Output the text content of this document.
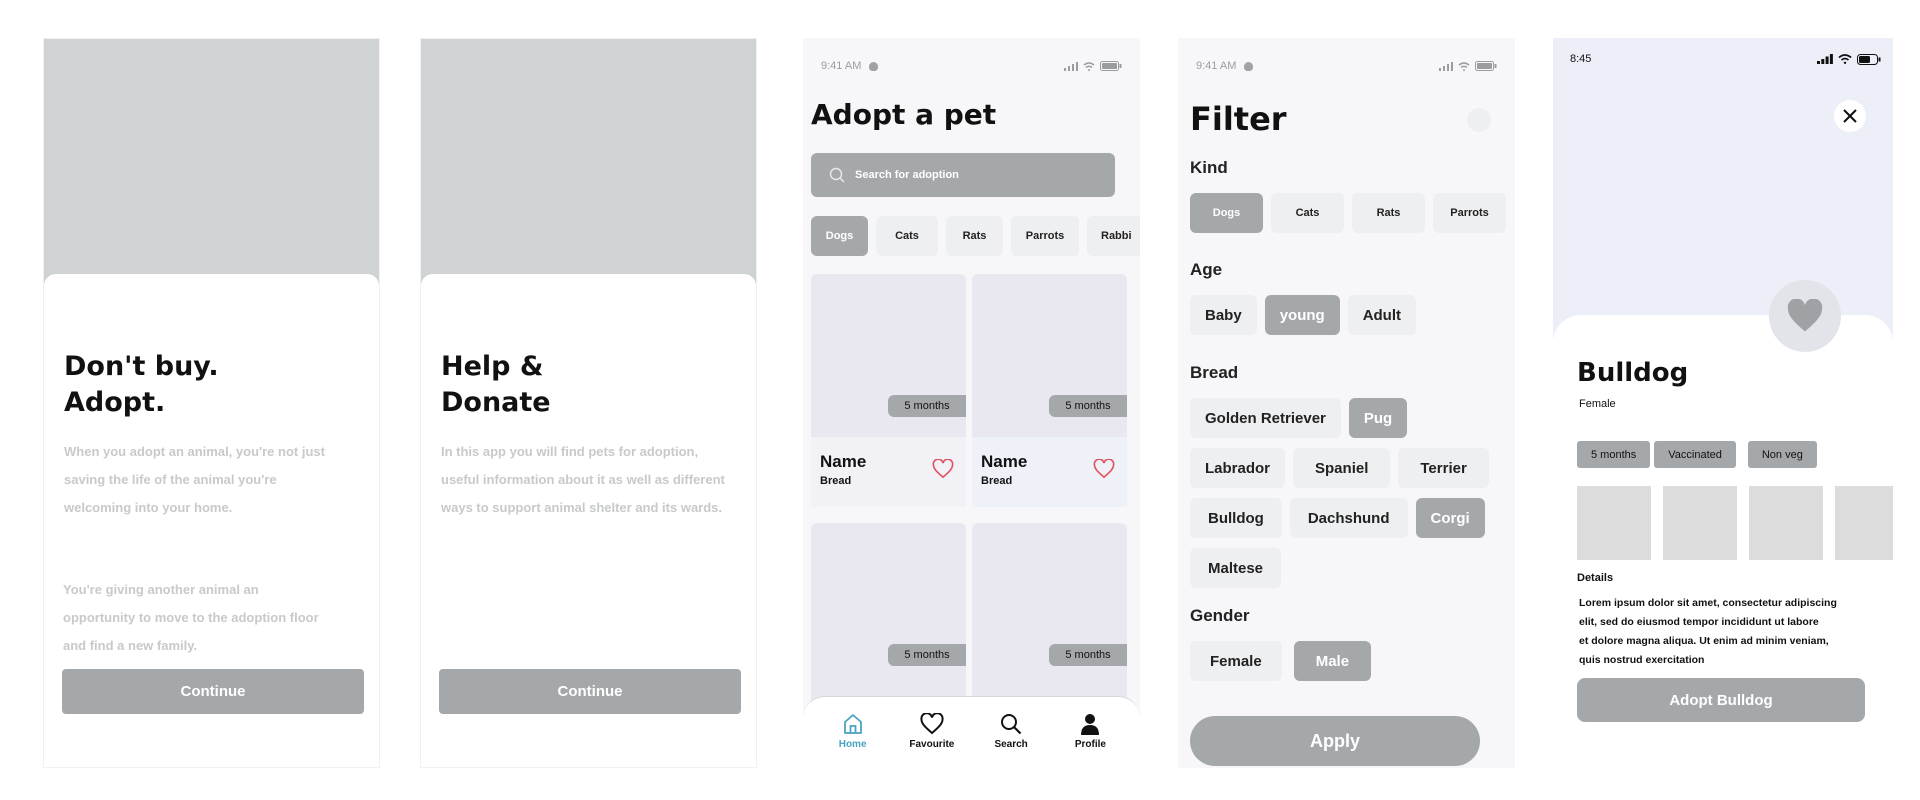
Don't buy.
Adopt.

When you adopt an animal, you're not just saving the life of the animal you're welcoming into your home.

You're giving another animal an opportunity to move to the adoption floor and find a new family.

Continue
Help &
Donate

In this app you will find pets for adoption, useful information about it as well as different ways to support animal shelter and its wards.

Continue
9:41 AM
Adopt a pet
Search for adoption
Dogs	Cats	Rats	Parrots	Rabbi
5 months
Name
Bread
5 months
Name
Bread
5 months	5 months
Home	Favourite	Search	Profile
9:41 AM
Filter
Kind
Dogs	Cats	Rats	Parrots
Age
Baby	young	Adult
Bread
Golden Retriever	Pug
Labrador	Spaniel	Terrier
Bulldog	Dachshund	Corgi
Maltese
Gender
Female	Male
Apply
8:45
Bulldog
Female
5 months	Vaccinated	Non veg
Details
Lorem ipsum dolor sit amet, consectetur adipiscing
elit, sed do eiusmod tempor incididunt ut labore
et dolore magna aliqua. Ut enim ad minim veniam,
quis nostrud exercitation
Adopt Bulldog
